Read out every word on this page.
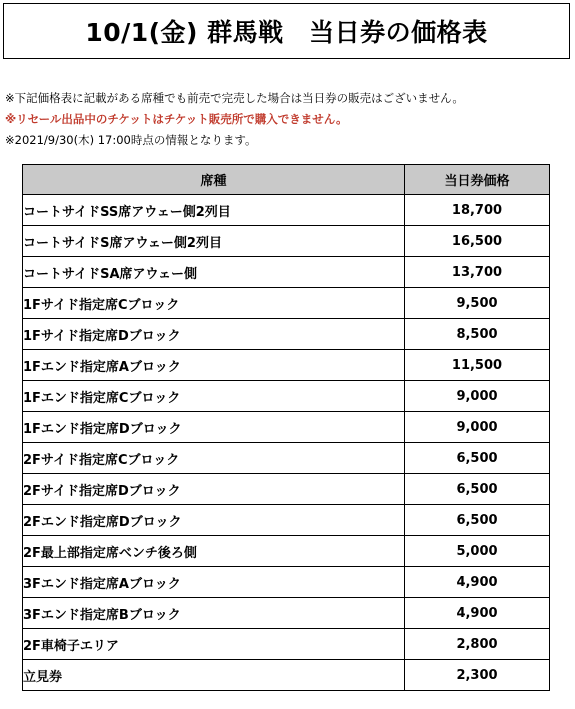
10/1(金) 群馬戦　当日券の価格表
※下記価格表に記載がある席種でも前売で完売した場合は当日券の販売はございません。
※リセール出品中のチケットはチケット販売所で購入できません。
※2021/9/30(木) 17:00時点の情報となります。
席種	当日券価格
コートサイドSS席アウェー側2列目	18,700
コートサイドS席アウェー側2列目	16,500
コートサイドSA席アウェー側	13,700
1Fサイド指定席Cブロック	9,500
1Fサイド指定席Dブロック	8,500
1Fエンド指定席Aブロック	11,500
1Fエンド指定席Cブロック	9,000
1Fエンド指定席Dブロック	9,000
2Fサイド指定席Cブロック	6,500
2Fサイド指定席Dブロック	6,500
2Fエンド指定席Dブロック	6,500
2F最上部指定席ベンチ後ろ側	5,000
3Fエンド指定席Aブロック	4,900
3Fエンド指定席Bブロック	4,900
2F車椅子エリア	2,800
立見券	2,300
